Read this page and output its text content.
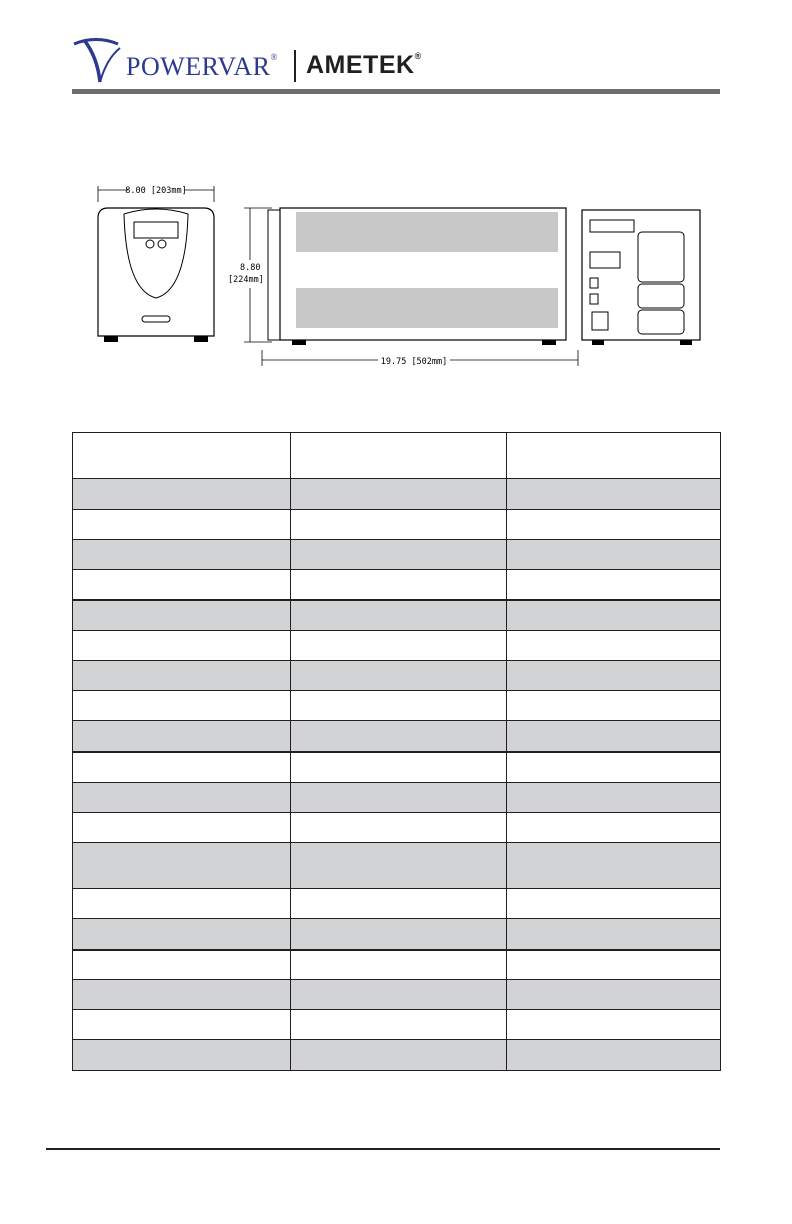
POWERVAR® AMETEK®
8.00 [203mm]
8.80
[224mm]
19.75 [502mm]
